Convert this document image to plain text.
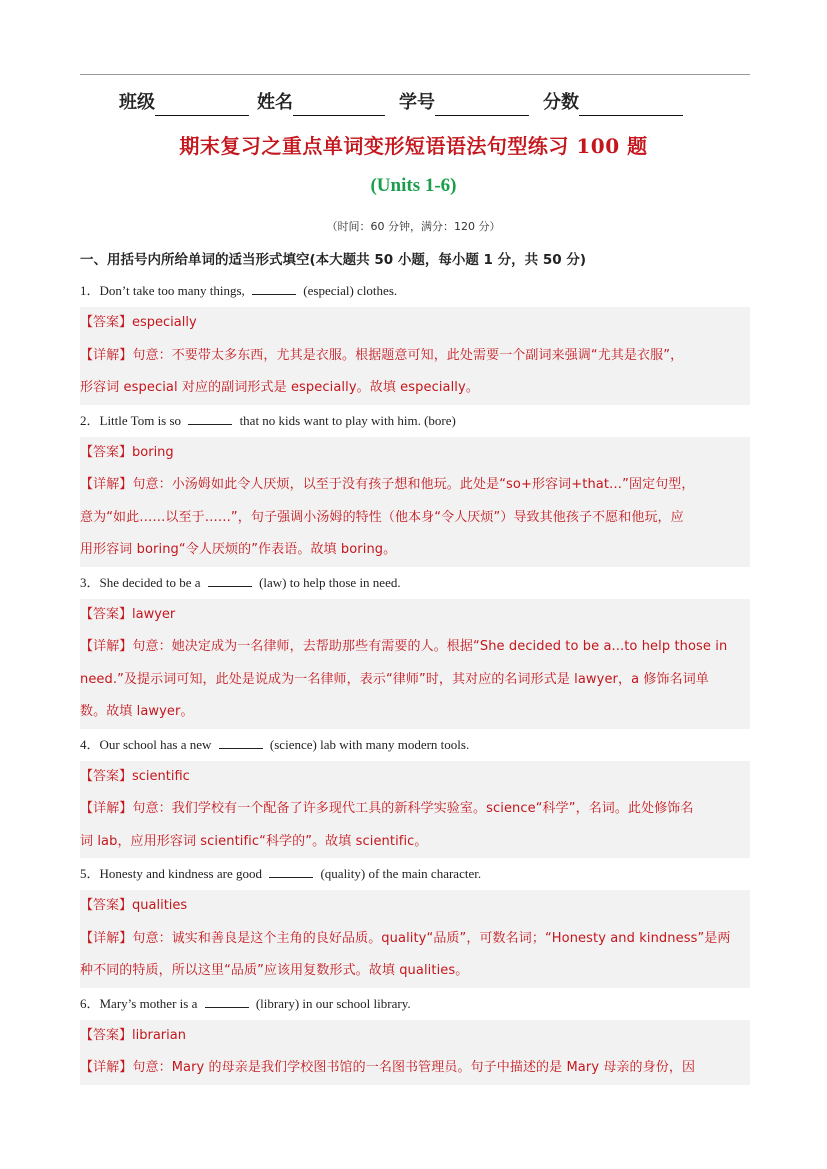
班级	姓名	学号	分数
期末复习之重点单词变形短语语法句型练习 100 题
(Units 1-6)
（时间：60 分钟，满分：120 分）
一、用括号内所给单词的适当形式填空(本大题共 50 小题，每小题 1 分，共 50 分)
1．Don’t take too many things,	(especial) clothes.
【答案】especially
【详解】句意：不要带太多东西，尤其是衣服。根据题意可知，此处需要一个副词来强调“尤其是衣服”，
形容词 especial 对应的副词形式是 especially。故填 especially。
2．Little Tom is so	that no kids want to play with him. (bore)
【答案】boring
【详解】句意：小汤姆如此令人厌烦，以至于没有孩子想和他玩。此处是“so+形容词+that…”固定句型，
意为“如此……以至于……”，句子强调小汤姆的特性（他本身“令人厌烦”）导致其他孩子不愿和他玩，应
用形容词 boring“令人厌烦的”作表语。故填 boring。
3．She decided to be a	(law) to help those in need.
【答案】lawyer
【详解】句意：她决定成为一名律师，去帮助那些有需要的人。根据“She decided to be a...to help those in
need.”及提示词可知，此处是说成为一名律师，表示“律师”时，其对应的名词形式是 lawyer，a 修饰名词单
数。故填 lawyer。
4．Our school has a new	(science) lab with many modern tools.
【答案】scientific
【详解】句意：我们学校有一个配备了许多现代工具的新科学实验室。science“科学”，名词。此处修饰名
词 lab，应用形容词 scientific“科学的”。故填 scientific。
5．Honesty and kindness are good	(quality) of the main character.
【答案】qualities
【详解】句意：诚实和善良是这个主角的良好品质。quality“品质”，可数名词；“Honesty and kindness”是两
种不同的特质，所以这里“品质”应该用复数形式。故填 qualities。
6．Mary’s mother is a	(library) in our school library.
【答案】librarian
【详解】句意：Mary 的母亲是我们学校图书馆的一名图书管理员。句子中描述的是 Mary 母亲的身份，因
